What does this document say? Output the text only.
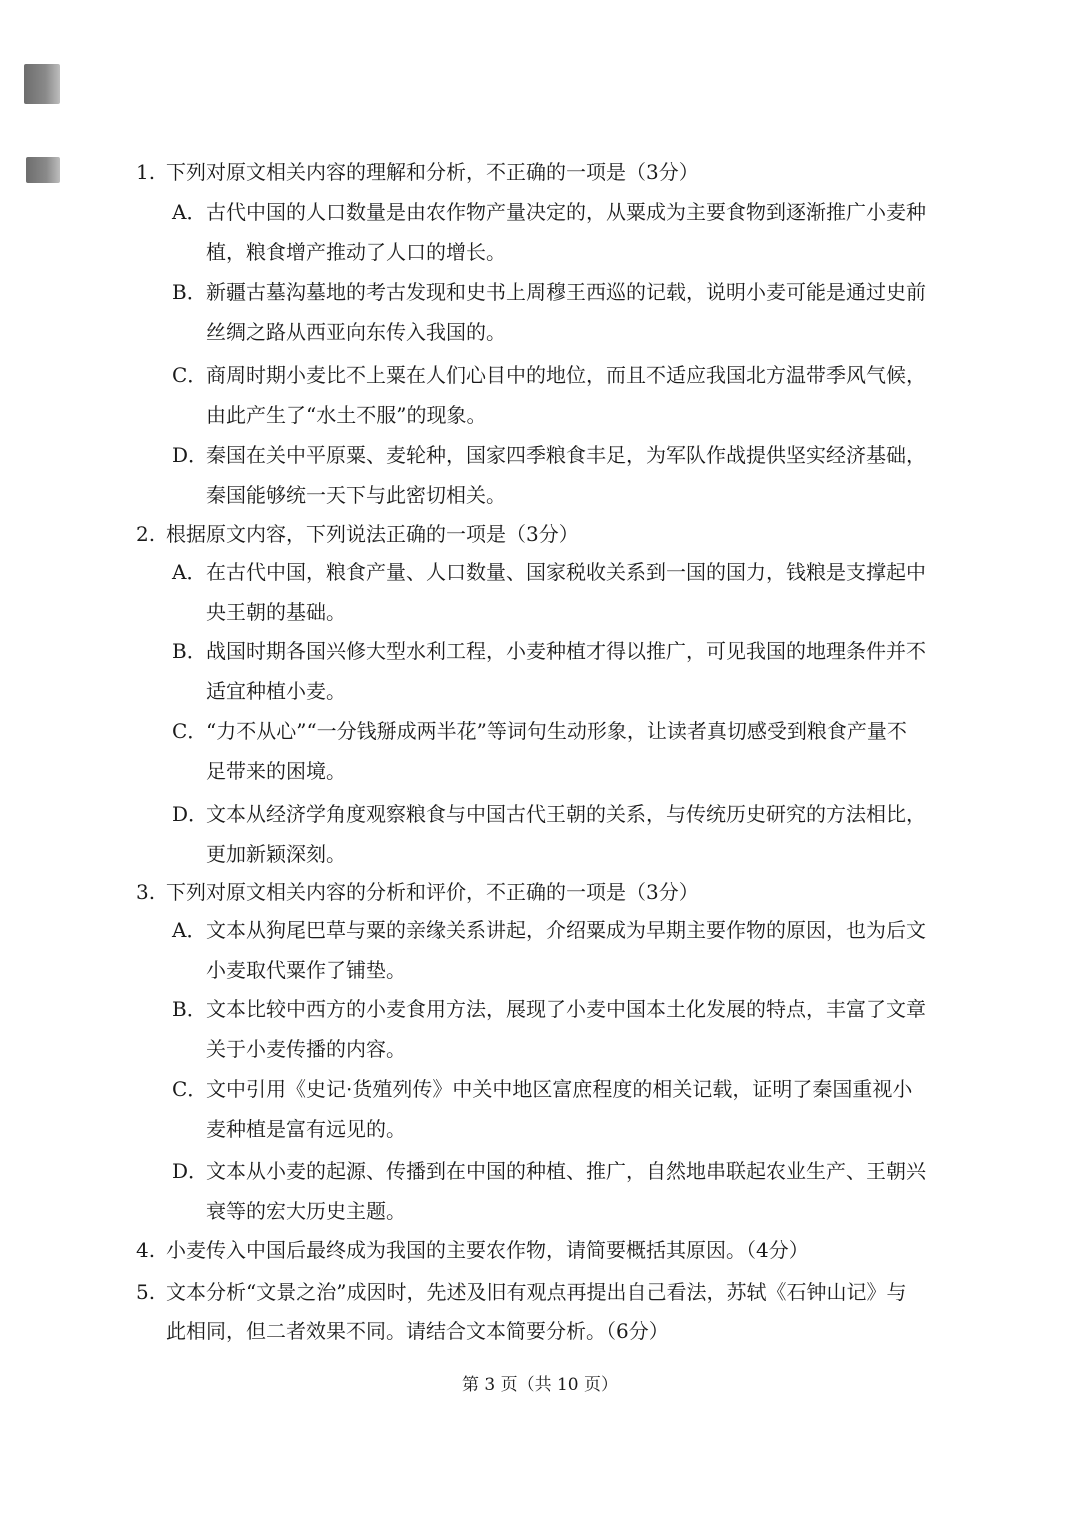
1. 下列对原文相关内容的理解和分析，不正确的一项是（3分）
A．古代中国的人口数量是由农作物产量决定的，从粟成为主要食物到逐渐推广小麦种
植，粮食增产推动了人口的增长。
B．新疆古墓沟墓地的考古发现和史书上周穆王西巡的记载，说明小麦可能是通过史前
丝绸之路从西亚向东传入我国的。
C．商周时期小麦比不上粟在人们心目中的地位，而且不适应我国北方温带季风气候，
由此产生了“水土不服”的现象。
D．秦国在关中平原粟、麦轮种，国家四季粮食丰足，为军队作战提供坚实经济基础，
秦国能够统一天下与此密切相关。
2. 根据原文内容，下列说法正确的一项是（3分）
A．在古代中国，粮食产量、人口数量、国家税收关系到一国的国力，钱粮是支撑起中
央王朝的基础。
B．战国时期各国兴修大型水利工程，小麦种植才得以推广，可见我国的地理条件并不
适宜种植小麦。
C．“力不从心”“一分钱掰成两半花”等词句生动形象，让读者真切感受到粮食产量不
足带来的困境。
D．文本从经济学角度观察粮食与中国古代王朝的关系，与传统历史研究的方法相比，
更加新颖深刻。
3. 下列对原文相关内容的分析和评价，不正确的一项是（3分）
A．文本从狗尾巴草与粟的亲缘关系讲起，介绍粟成为早期主要作物的原因，也为后文
小麦取代粟作了铺垫。
B．文本比较中西方的小麦食用方法，展现了小麦中国本土化发展的特点，丰富了文章
关于小麦传播的内容。
C．文中引用《史记·货殖列传》中关中地区富庶程度的相关记载，证明了秦国重视小
麦种植是富有远见的。
D．文本从小麦的起源、传播到在中国的种植、推广，自然地串联起农业生产、王朝兴
衰等的宏大历史主题。
4. 小麦传入中国后最终成为我国的主要农作物，请简要概括其原因。（4分）
5. 文本分析“文景之治”成因时，先述及旧有观点再提出自己看法，苏轼《石钟山记》与
此相同，但二者效果不同。请结合文本简要分析。（6分）
第 3 页（共 10 页）
